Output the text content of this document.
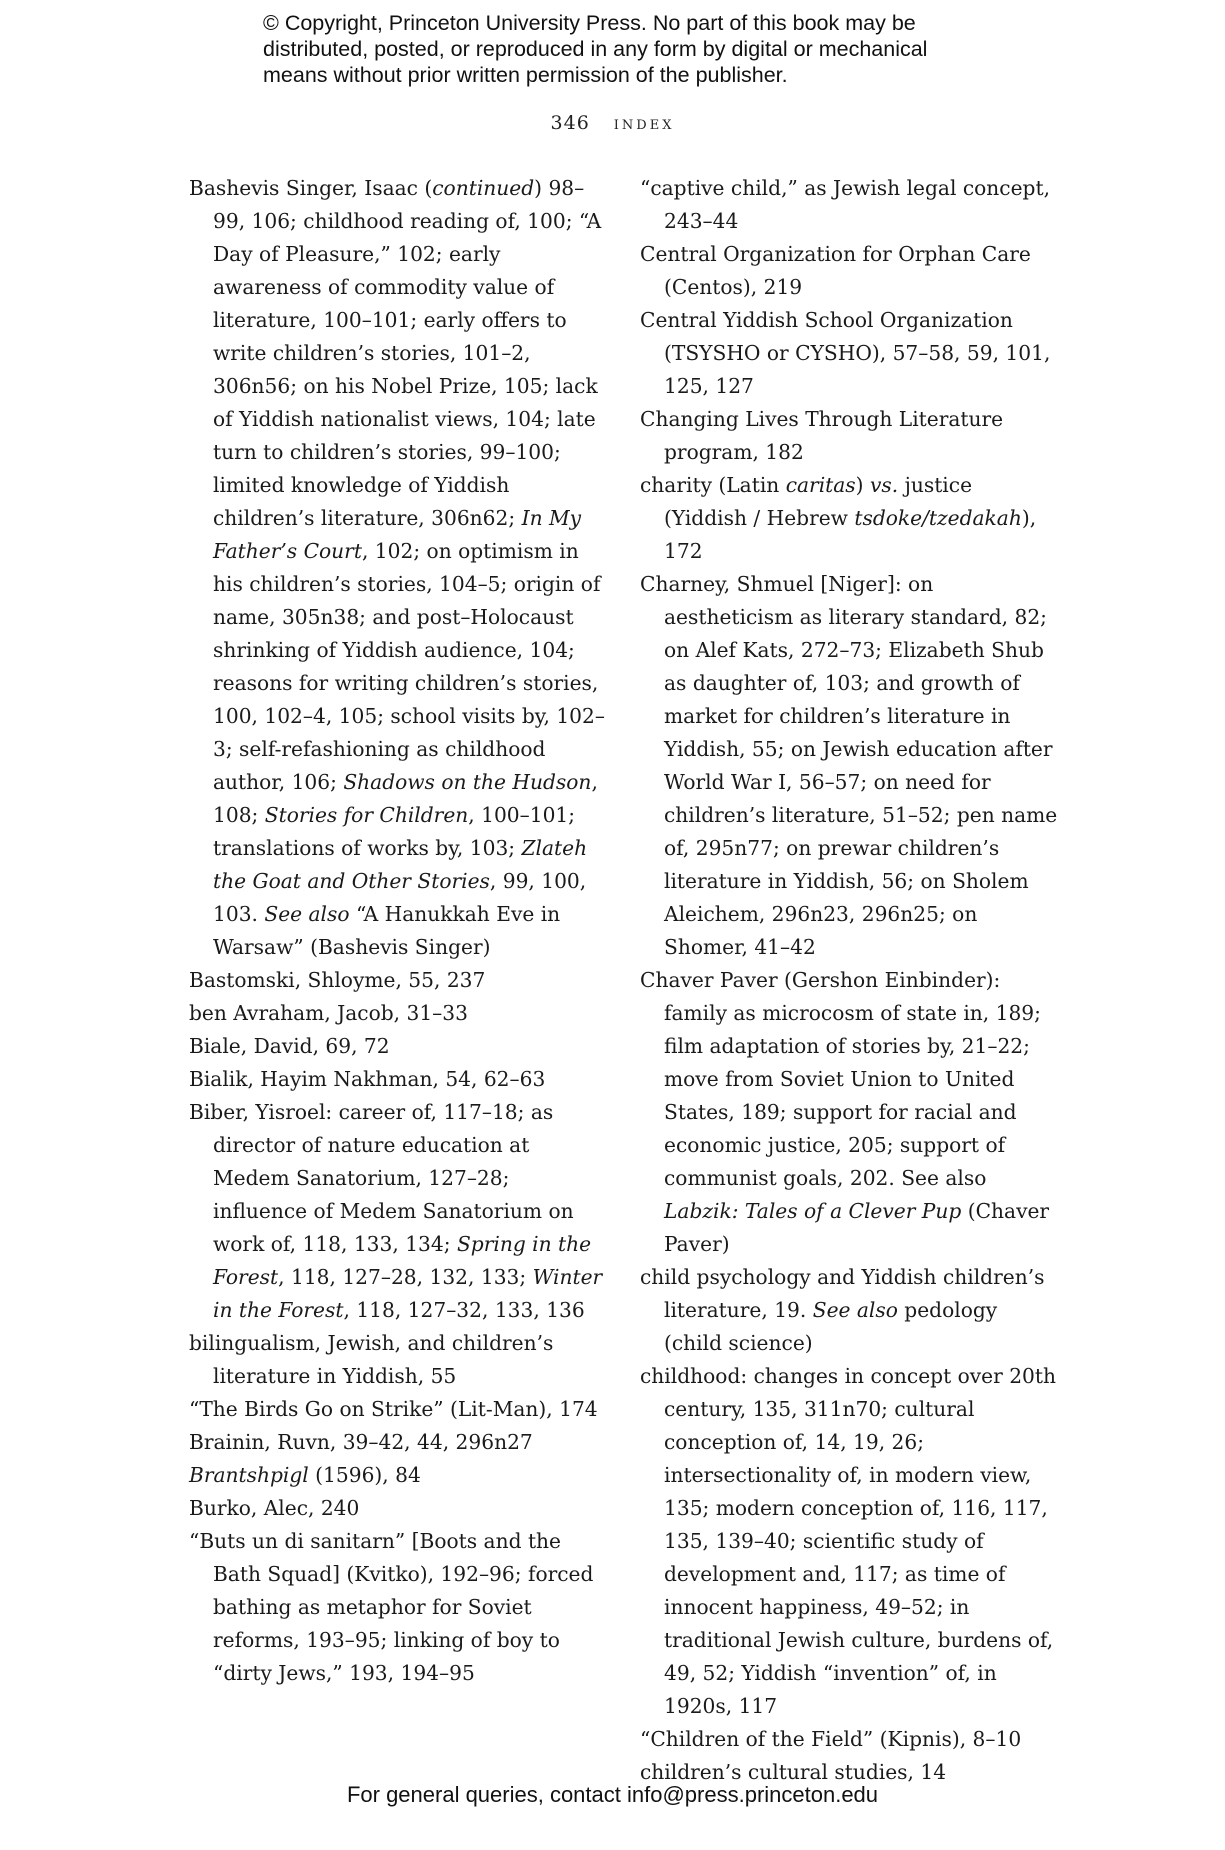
© Copyright, Princeton University Press. No part of this book may be
distributed, posted, or reproduced in any form by digital or mechanical
means without prior written permission of the publisher.
346 index

Bashevis Singer, Isaac (continued) 98–99, 106; childhood reading of, 100; “A Day of Pleasure,” 102; early awareness of commodity value of literature, 100–101; early offers to write children’s stories, 101–2, 306n56; on his Nobel Prize, 105; lack of Yiddish nationalist views, 104; late turn to children’s stories, 99–100; limited knowledge of Yiddish children’s literature, 306n62; In My Father’s Court, 102; on optimism in his children’s stories, 104–5; origin of name, 305n38; and post–Holocaust shrinking of Yiddish audience, 104; reasons for writing children’s stories, 100, 102–4, 105; school visits by, 102–3; self-refashioning as childhood author, 106; Shadows on the Hudson, 108; Stories for Children, 100–101; translations of works by, 103; Zlateh the Goat and Other Stories, 99, 100, 103. See also “A Hanukkah Eve in Warsaw” (Bashevis Singer)

Bastomski, Shloyme, 55, 237

ben Avraham, Jacob, 31–33

Biale, David, 69, 72

Bialik, Hayim Nakhman, 54, 62–63

Biber, Yisroel: career of, 117–18; as director of nature education at Medem Sanatorium, 127–28; influence of Medem Sanatorium on work of, 118, 133, 134; Spring in the Forest, 118, 127–28, 132, 133; Winter in the Forest, 118, 127–32, 133, 136

bilingualism, Jewish, and children’s literature in Yiddish, 55

“The Birds Go on Strike” (Lit-Man), 174

Brainin, Ruvn, 39–42, 44, 296n27

Brantshpigl (1596), 84

Burko, Alec, 240

“Buts un di sanitarn” [Boots and the Bath Squad] (Kvitko), 192–96; forced bathing as metaphor for Soviet reforms, 193–95; linking of boy to “dirty Jews,” 193, 194–95

“captive child,” as Jewish legal concept, 243–44

Central Organization for Orphan Care (Centos), 219

Central Yiddish School Organization (TSYSHO or CYSHO), 57–58, 59, 101, 125, 127

Changing Lives Through Literature program, 182

charity (Latin caritas) vs. justice (Yiddish / Hebrew tsdoke/tzedakah), 172

Charney, Shmuel [Niger]: on aestheticism as literary standard, 82; on Alef Kats, 272–73; Elizabeth Shub as daughter of, 103; and growth of market for children’s literature in Yiddish, 55; on Jewish education after World War I, 56–57; on need for children’s literature, 51–52; pen name of, 295n77; on prewar children’s literature in Yiddish, 56; on Sholem Aleichem, 296n23, 296n25; on Shomer, 41–42

Chaver Paver (Gershon Einbinder): family as microcosm of state in, 189; film adaptation of stories by, 21–22; move from Soviet Union to United States, 189; support for racial and economic justice, 205; support of communist goals, 202. See also Labzik: Tales of a Clever Pup (Chaver Paver)

child psychology and Yiddish children’s literature, 19. See also pedology (child science)

childhood: changes in concept over 20th century, 135, 311n70; cultural conception of, 14, 19, 26; intersectionality of, in modern view, 135; modern conception of, 116, 117, 135, 139–40; scientific study of development and, 117; as time of innocent happiness, 49–52; in traditional Jewish culture, burdens of, 49, 52; Yiddish “invention” of, in 1920s, 117

“Children of the Field” (Kipnis), 8–10

children’s cultural studies, 14

For general queries, contact info@press.princeton.edu
